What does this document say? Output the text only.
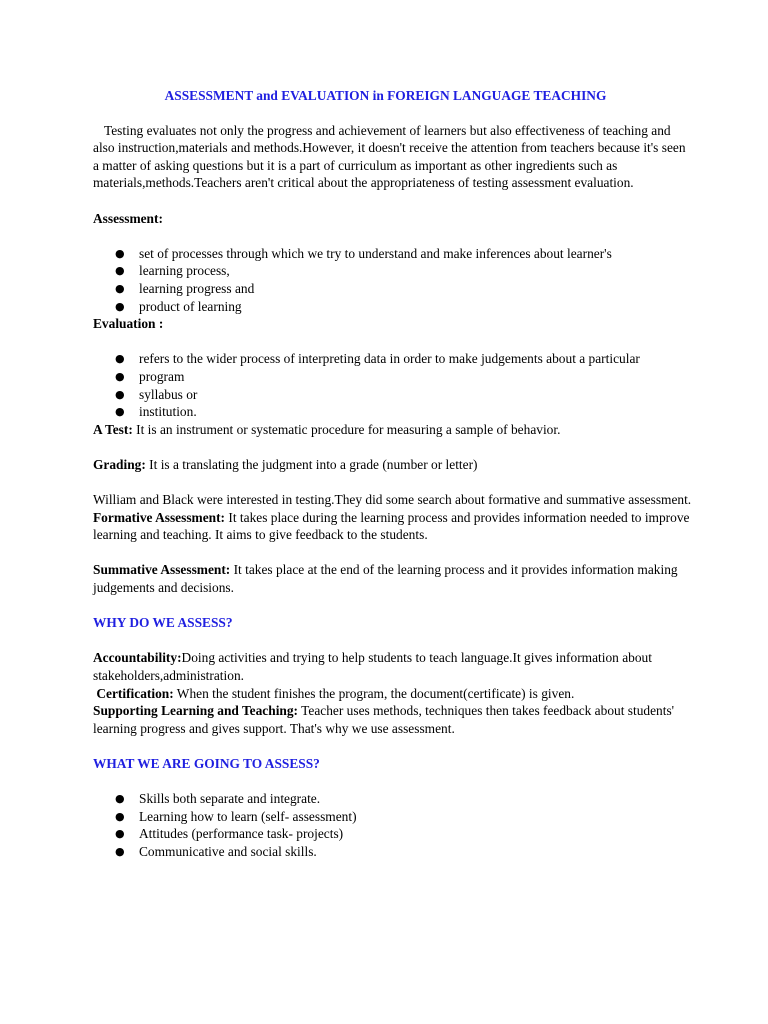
ASSESSMENT and EVALUATION in FOREIGN LANGUAGE TEACHING

Testing evaluates not only the progress and achievement of learners but also effectiveness of teaching and also instruction,materials and methods.However, it doesn't receive the attention from teachers because it's seen a matter of asking questions but it is a part of curriculum as important as other ingredients such as materials,methods.Teachers aren't critical about the appropriateness of testing assessment evaluation.

Assessment:

● set of processes through which we try to understand and make inferences about learner's
● learning process,
● learning progress and
● product of learning

Evaluation :

● refers to the wider process of interpreting data in order to make judgements about a particular
● program
● syllabus or
● institution.

A Test: It is an instrument or systematic procedure for measuring a sample of behavior.

Grading: It is a translating the judgment into a grade (number or letter)

William and Black were interested in testing.They did some search about formative and summative assessment.

Formative Assessment: It takes place during the learning process and provides information needed to improve learning and teaching. It aims to give feedback to the students.

Summative Assessment: It takes place at the end of the learning process and it provides information making judgements and decisions.

WHY DO WE ASSESS?

Accountability:Doing activities and trying to help students to teach language.It gives information about stakeholders,administration.

Certification: When the student finishes the program, the document(certificate) is given.

Supporting Learning and Teaching: Teacher uses methods, techniques then takes feedback about students' learning progress and gives support. That's why we use assessment.

WHAT WE ARE GOING TO ASSESS?

● Skills both separate and integrate.
● Learning how to learn (self- assessment)
● Attitudes (performance task- projects)
● Communicative and social skills.
